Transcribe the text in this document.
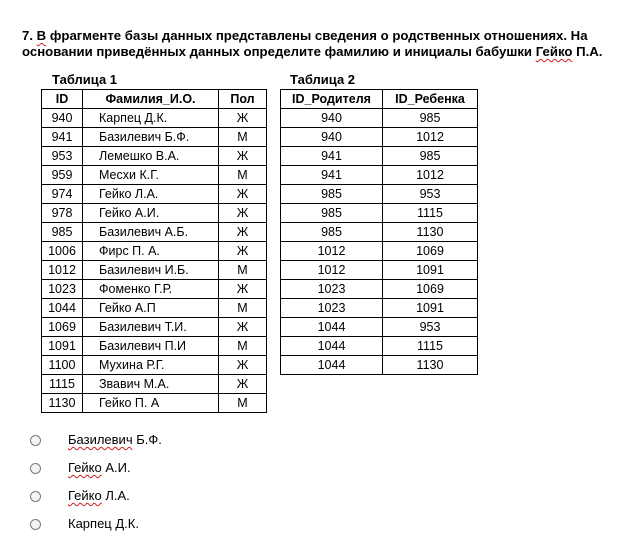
7. В фрагменте базы данных представлены сведения о родственных отношениях. На основании приведённых данных определите фамилию и инициалы бабушки Гейко П.А.
Таблица 1
ID	Фамилия_И.О.	Пол
940	Карпец Д.К.	Ж
941	Базилевич Б.Ф.	М
953	Лемешко В.А.	Ж
959	Месхи К.Г.	М
974	Гейко Л.А.	Ж
978	Гейко А.И.	Ж
985	Базилевич А.Б.	Ж
1006	Фирс П. А.	Ж
1012	Базилевич И.Б.	М
1023	Фоменко Г.Р.	Ж
1044	Гейко А.П	М
1069	Базилевич Т.И.	Ж
1091	Базилевич П.И	М
1100	Мухина Р.Г.	Ж
1115	Звавич М.А.	Ж
1130	Гейко П. А	М
Таблица 2
ID_Родителя	ID_Ребенка
940	985
940	1012
941	985
941	1012
985	953
985	1115
985	1130
1012	1069
1012	1091
1023	1069
1023	1091
1044	953
1044	1115
1044	1130
Базилевич Б.Ф.
Гейко А.И.
Гейко Л.А.
Карпец Д.К.
